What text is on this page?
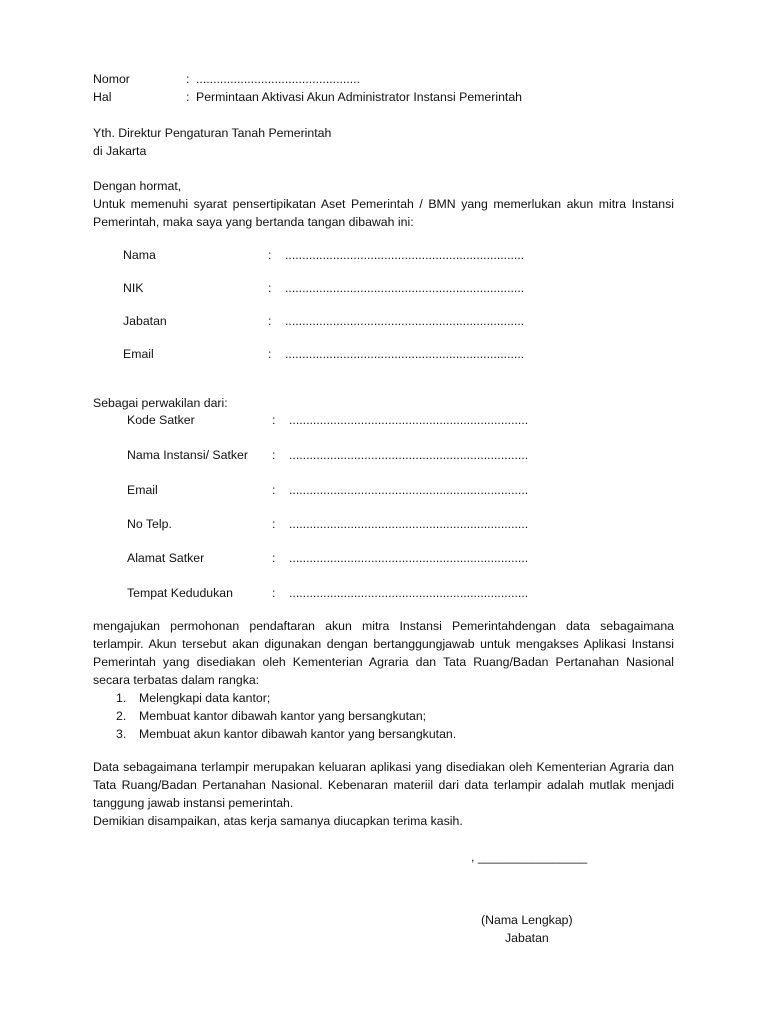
Nomor	: ................................................
Hal	: Permintaan Aktivasi Akun Administrator Instansi Pemerintah
Yth. Direktur Pengaturan Tanah Pemerintah
di Jakarta
Dengan hormat,
Untuk memenuhi syarat pensertipikatan Aset Pemerintah / BMN yang memerlukan akun mitra Instansi Pemerintah, maka saya yang bertanda tangan dibawah ini:
Nama	: ......................................................................
NIK	: ......................................................................
Jabatan	: ......................................................................
Email	: ......................................................................
Sebagai perwakilan dari:
Kode Satker	: ......................................................................
Nama Instansi/ Satker : ......................................................................
Email	: ......................................................................
No Telp.	: ......................................................................
Alamat Satker	: ......................................................................
Tempat Kedudukan	: ......................................................................
mengajukan permohonan pendaftaran akun mitra Instansi Pemerintahdengan data sebagaimana terlampir. Akun tersebut akan digunakan dengan bertanggungjawab untuk mengakses Aplikasi Instansi Pemerintah yang disediakan oleh Kementerian Agraria dan Tata Ruang/Badan Pertanahan Nasional secara terbatas dalam rangka:
1. Melengkapi data kantor;
2. Membuat kantor dibawah kantor yang bersangkutan;
3. Membuat akun kantor dibawah kantor yang bersangkutan.
Data sebagaimana terlampir merupakan keluaran aplikasi yang disediakan oleh Kementerian Agraria dan Tata Ruang/Badan Pertanahan Nasional. Kebenaran materiil dari data terlampir adalah mutlak menjadi tanggung jawab instansi pemerintah.
Demikian disampaikan, atas kerja samanya diucapkan terima kasih.
, ________________
(Nama Lengkap)
Jabatan
